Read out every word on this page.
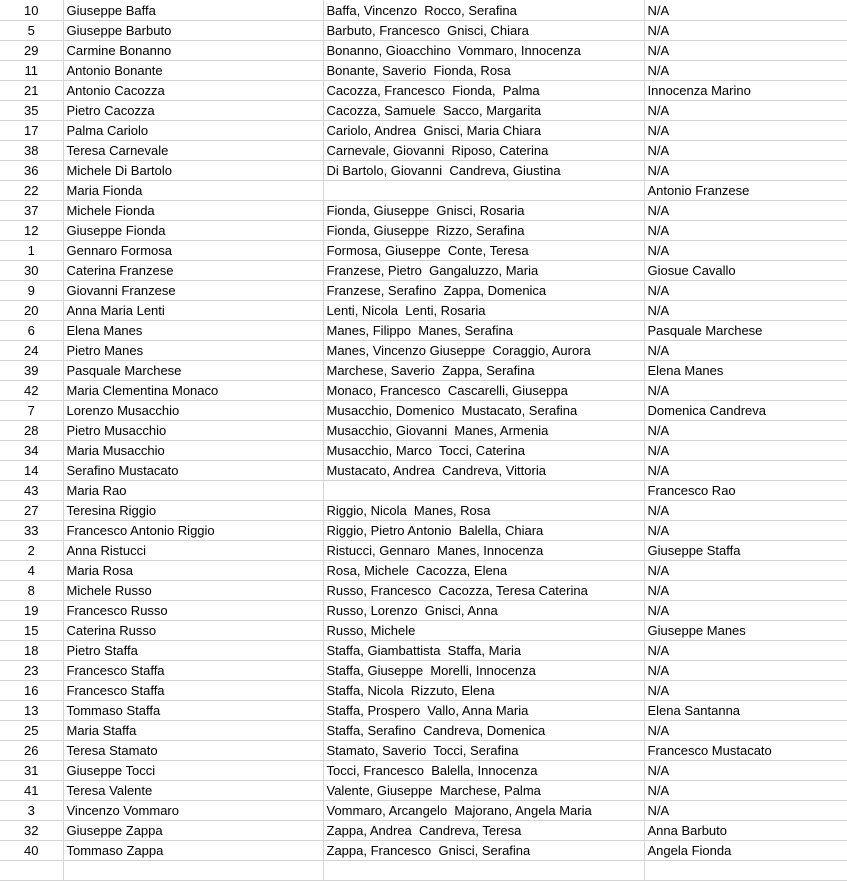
10	Giuseppe Baffa	Baffa, Vincenzo  Rocco, Serafina	N/A
5	Giuseppe Barbuto	Barbuto, Francesco  Gnisci, Chiara	N/A
29	Carmine Bonanno	Bonanno, Gioacchino  Vommaro, Innocenza	N/A
11	Antonio Bonante	Bonante, Saverio  Fionda, Rosa	N/A
21	Antonio Cacozza	Cacozza, Francesco  Fionda,  Palma	Innocenza Marino
35	Pietro Cacozza	Cacozza, Samuele  Sacco, Margarita	N/A
17	Palma Cariolo	Cariolo, Andrea  Gnisci, Maria Chiara	N/A
38	Teresa Carnevale	Carnevale, Giovanni  Riposo, Caterina	N/A
36	Michele Di Bartolo	Di Bartolo, Giovanni  Candreva, Giustina	N/A
22	Maria Fionda		Antonio Franzese
37	Michele Fionda	Fionda, Giuseppe  Gnisci, Rosaria	N/A
12	Giuseppe Fionda	Fionda, Giuseppe  Rizzo, Serafina	N/A
1	Gennaro Formosa	Formosa, Giuseppe  Conte, Teresa	N/A
30	Caterina Franzese	Franzese, Pietro  Gangaluzzo, Maria	Giosue Cavallo
9	Giovanni Franzese	Franzese, Serafino  Zappa, Domenica	N/A
20	Anna Maria Lenti	Lenti, Nicola  Lenti, Rosaria	N/A
6	Elena Manes	Manes, Filippo  Manes, Serafina	Pasquale Marchese
24	Pietro Manes	Manes, Vincenzo Giuseppe  Coraggio, Aurora	N/A
39	Pasquale Marchese	Marchese, Saverio  Zappa, Serafina	Elena Manes
42	Maria Clementina Monaco	Monaco, Francesco  Cascarelli, Giuseppa	N/A
7	Lorenzo Musacchio	Musacchio, Domenico  Mustacato, Serafina	Domenica Candreva
28	Pietro Musacchio	Musacchio, Giovanni  Manes, Armenia	N/A
34	Maria Musacchio	Musacchio, Marco  Tocci, Caterina	N/A
14	Serafino Mustacato	Mustacato, Andrea  Candreva, Vittoria	N/A
43	Maria Rao		Francesco Rao
27	Teresina Riggio	Riggio, Nicola  Manes, Rosa	N/A
33	Francesco Antonio Riggio	Riggio, Pietro Antonio  Balella, Chiara	N/A
2	Anna Ristucci	Ristucci, Gennaro  Manes, Innocenza	Giuseppe Staffa
4	Maria Rosa	Rosa, Michele  Cacozza, Elena	N/A
8	Michele Russo	Russo, Francesco  Cacozza, Teresa Caterina	N/A
19	Francesco Russo	Russo, Lorenzo  Gnisci, Anna	N/A
15	Caterina Russo	Russo, Michele	Giuseppe Manes
18	Pietro Staffa	Staffa, Giambattista  Staffa, Maria	N/A
23	Francesco Staffa	Staffa, Giuseppe  Morelli, Innocenza	N/A
16	Francesco Staffa	Staffa, Nicola  Rizzuto, Elena	N/A
13	Tommaso Staffa	Staffa, Prospero  Vallo, Anna Maria	Elena Santanna
25	Maria Staffa	Staffa, Serafino  Candreva, Domenica	N/A
26	Teresa Stamato	Stamato, Saverio  Tocci, Serafina	Francesco Mustacato
31	Giuseppe Tocci	Tocci, Francesco  Balella, Innocenza	N/A
41	Teresa Valente	Valente, Giuseppe  Marchese, Palma	N/A
3	Vincenzo Vommaro	Vommaro, Arcangelo  Majorano, Angela Maria	N/A
32	Giuseppe Zappa	Zappa, Andrea  Candreva, Teresa	Anna Barbuto
40	Tommaso Zappa	Zappa, Francesco  Gnisci, Serafina	Angela Fionda
